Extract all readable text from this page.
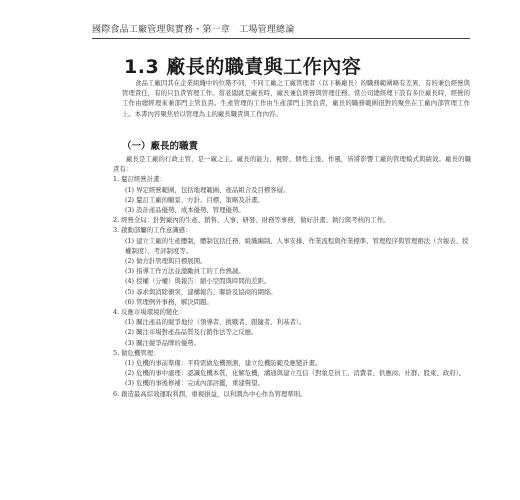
國際食品工廠管理與實務・第一章　工場管理總論
1.3 廠長的職責與工作內容

食品工廠因其在企業組織中的位階不同，不同工廠之工廠管理者（以下稱廠長）的職務範圍略有差異，有的兼負經營與管理責任，有的只負責管理工作。當老闆就是廠長時，廠長兼負經營與管理任務。當公司總經理下設有多位廠長時，經營的工作由總經理來兼部門主管負責。生產管理的工作由生產部門主管負責，廠長的職務範圍很對的聚焦在工廠內部管理工作上。本書內容聚焦於以管理為主的廠長職責與工作內容。

（一）廠長的職責

廠長是工廠的行政主管，是一廠之主。廠長的能力、視野、個性主張、作風，皆將影響工廠的管理模式與績效。廠長的職責有：

1. 釐訂經營計畫：
(1) 界定經營範圍，包括地理範圍、產品組合及目標客層。
(2) 釐訂工廠的願景、方針、目標、策略及計畫。
(3) 設計產品優勢、成本優勢、管理優勢。
2. 經營全局：針對廠內的生產、銷售、人事、研發、財務等事務，做好計畫、執行與考核的工作。
3. 啟動部屬的工作意識感：
(1) 建立工廠的生產體制，體制包括任務、組織編制、人事安排、作業流程與作業標準、管理程序與管理辦法（含報表、授權制度）、考評制度等。
(2) 做方針管理與目標展開。
(3) 指導工作方法並激勵員工的工作熱誠。
(4) 授權（分權）與報告：縮小空間與時間的差距。
(5) 尋求與消除衝突，建構報告、聯絡及協商的網絡。
(6) 管理例外事務，解決問題。
4. 反應市場環境的變化：
(1) 關注產品的競爭地位（領導者、挑戰者、跟隨者、利基者）。
(2) 關注市場對產品品質及行銷作法等之反應。
(3) 關注競爭品牌的優勢。
5. 做危機管理：
(1) 危機的事前準備：平時需做危機預測，建立危機防範及應變計畫。
(2) 危機的事中處理：認識危機本質，化解危機，溝通與建立互信（對象是員工、消費者、供應商、社群、股東、政府）。
(3) 危機的事後修補：完成內部評鑑，重建聲望。
6. 創造最高綜效運取利潤，重視損益，以利潤為中心作為管理準則。
